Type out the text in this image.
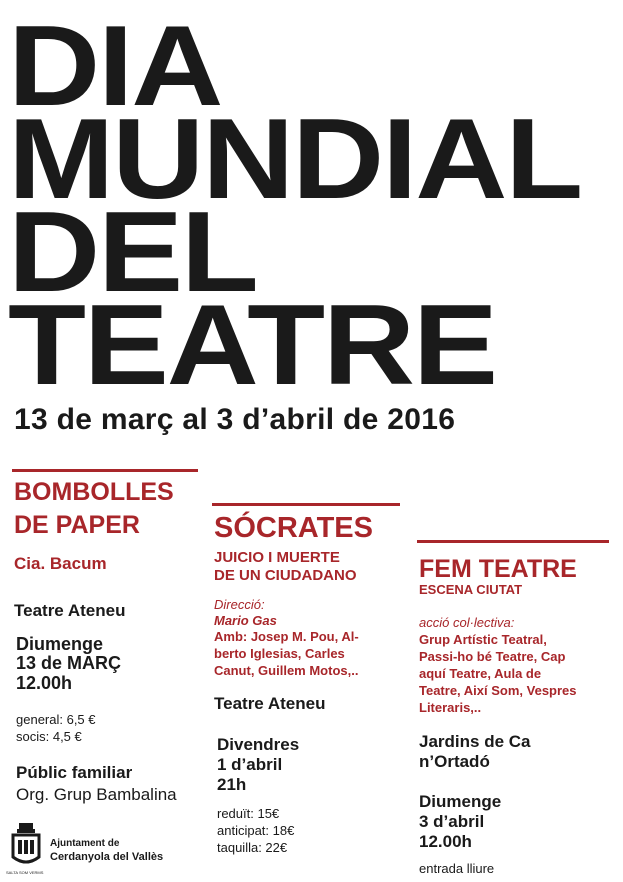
DIA
MUNDIAL
DEL
TEATRE
13 de març al 3 d’abril de 2016
BOMBOLLES
DE PAPER
Cia. Bacum
Teatre Ateneu
Diumenge
13 de MARÇ
12.00h
general: 6,5 €
socis: 4,5 €
Públic familiar
Org. Grup Bambalina
SALTA SOM VERMS
Ajuntament de
Cerdanyola del Vallès
SÓCRATES
JUICIO I MUERTE
DE UN CIUDADANO
Direcció:
Mario Gas
Amb: Josep M. Pou, Al-
berto Iglesias, Carles
Canut, Guillem Motos,..
Teatre Ateneu
Divendres
1 d’abril
21h
reduït: 15€
anticipat: 18€
taquilla: 22€
FEM TEATRE
ESCENA CIUTAT
acció col·lectiva:
Grup Artístic Teatral,
Passi-ho bé Teatre, Cap
aquí Teatre, Aula de
Teatre, Així Som, Vespres
Literaris,..
Jardins de Ca
n’Ortadó
Diumenge
3 d’abril
12.00h
entrada lliure
